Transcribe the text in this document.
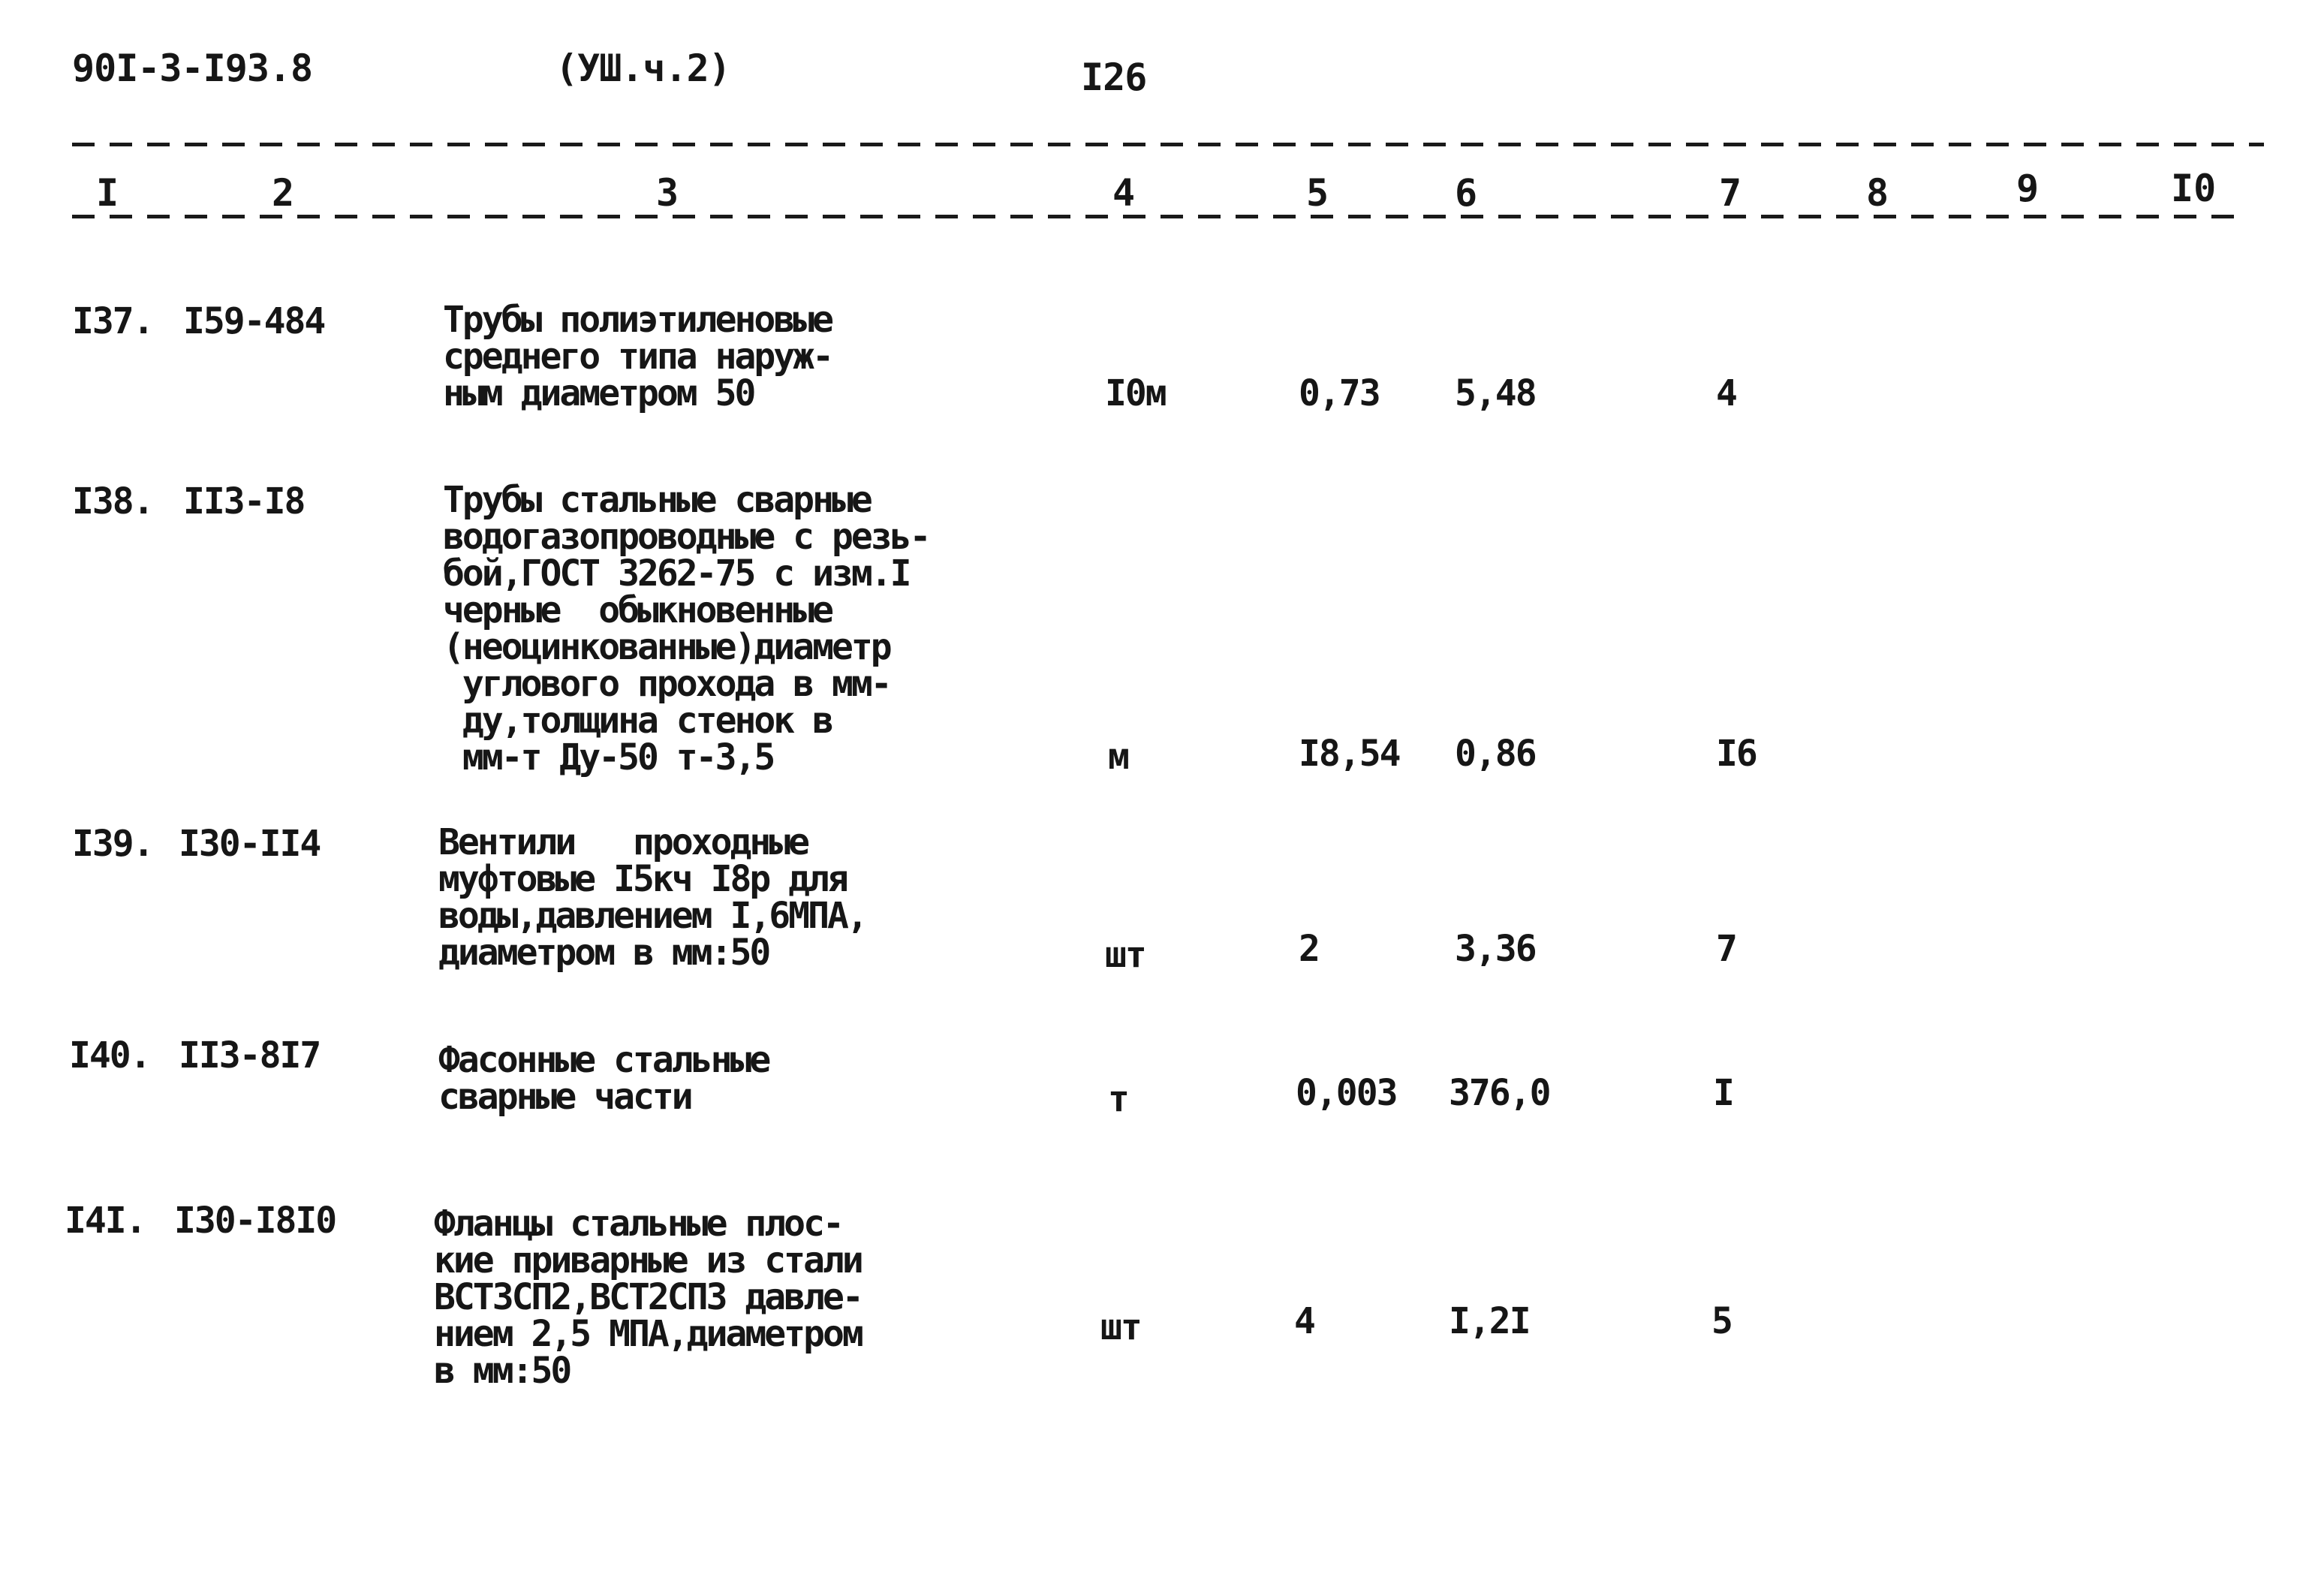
90I-3-I93.8	(УШ.ч.2)	I26
I	2	3	4	5	6	7	8	9	I0
I37. I59-484	Трубы полиэтиленовые
среднего типа наруж-
ным диаметром 50	I0м	0,73 5,48	4
I38. II3-I8	Трубы стальные сварные
водогазопроводные с резь-
бой,ГОСТ 3262-75 с изм.I
черные  обыкновенные
(неоцинкованные)диаметр
углового прохода в мм-
ду,толщина стенок в
мм-т Ду-50 т-3,5	м	I8,54 0,86	I6
I39. I30-II4	Вентили   проходные
муфтовые I5кч I8р для
воды,давлением I,6МПА,
диаметром в мм:50	шт	2	3,36	7
I40. II3-8I7	Фасонные стальные
сварные части	т	0,003 376,0	I
I4I. I30-I8I0	Фланцы стальные плос-
кие приварные из стали
ВСТ3СП2,ВСТ2СП3 давле-
нием 2,5 МПА,диаметром
в мм:50
шт	4	I,2I	5
